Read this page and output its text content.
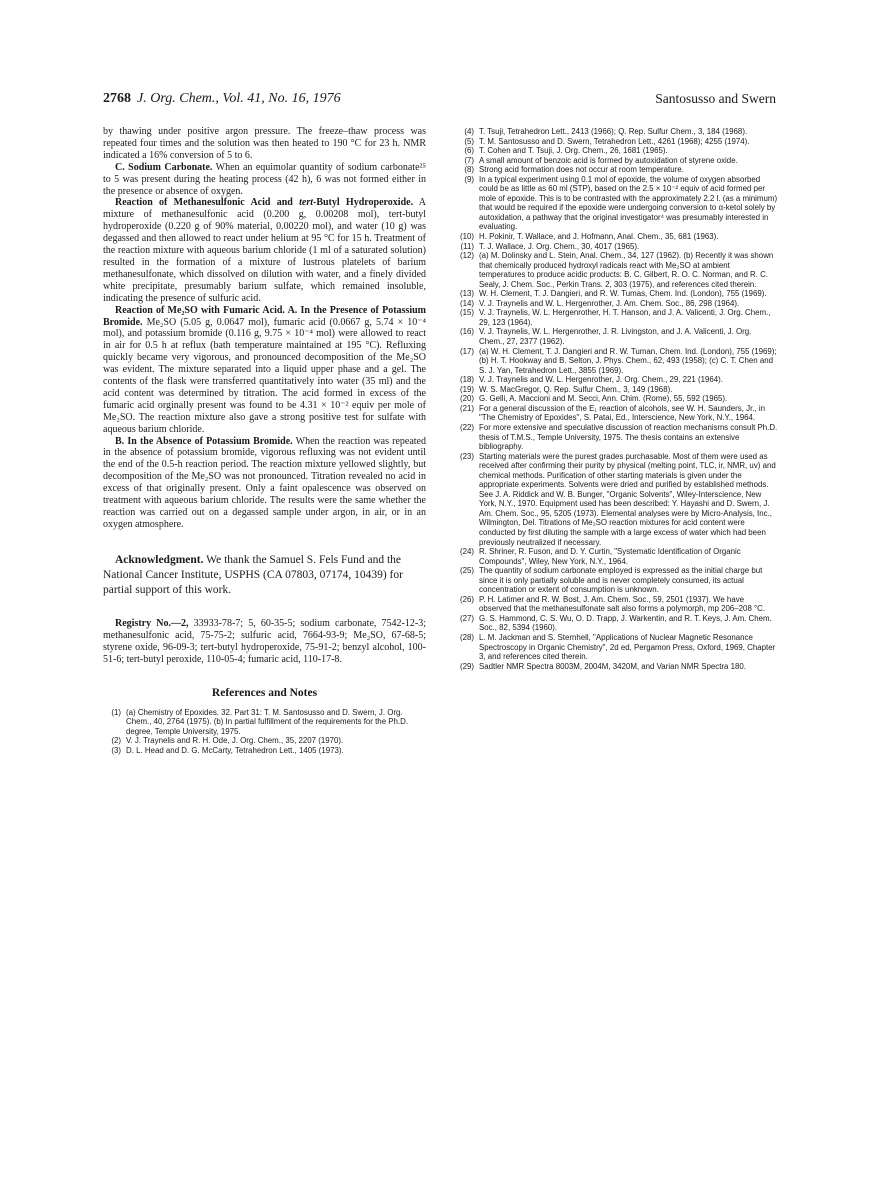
2768 J. Org. Chem., Vol. 41, No. 16, 1976	Santosusso and Swern

by thawing under positive argon pressure. The freeze–thaw process was repeated four times and the solution was then heated to 190 °C for 23 h. NMR indicated a 16% conversion of 5 to 6.

C. Sodium Carbonate. When an equimolar quantity of sodium carbonate²⁵ to 5 was present during the heating process (42 h), 6 was not formed either in the presence or absence of oxygen.

Reaction of Methanesulfonic Acid and tert-Butyl Hydroperoxide. A mixture of methanesulfonic acid (0.200 g, 0.00208 mol), tert-butyl hydroperoxide (0.220 g of 90% material, 0.00220 mol), and water (10 g) was degassed and then allowed to react under helium at 95 °C for 15 h. Treatment of the reaction mixture with aqueous barium chloride (1 ml of a saturated solution) resulted in the formation of a mixture of lustrous platelets of barium methanesulfonate, which dissolved on dilution with water, and a finely divided white precipitate, presumably barium sulfate, which remained insoluble, indicating the presence of sulfuric acid.

Reaction of Me₂SO with Fumaric Acid. A. In the Presence of Potassium Bromide. Me₂SO (5.05 g, 0.0647 mol), fumaric acid (0.0667 g, 5.74 × 10⁻⁴ mol), and potassium bromide (0.116 g, 9.75 × 10⁻⁴ mol) were allowed to react in air for 0.5 h at reflux (bath temperature maintained at 195 °C). Refluxing quickly became very vigorous, and pronounced decomposition of the Me₂SO was evident. The mixture separated into a liquid upper phase and a gel. The contents of the flask were transferred quantitatively into water (35 ml) and the acid content was determined by titration. The acid formed in excess of the fumaric acid orginally present was found to be 4.31 × 10⁻² equiv per mole of Me₂SO. The reaction mixture also gave a strong positive test for sulfate with aqueous barium chloride.

B. In the Absence of Potassium Bromide. When the reaction was repeated in the absence of potassium bromide, vigorous refluxing was not evident until the end of the 0.5-h reaction period. The reaction mixture yellowed slightly, but decomposition of the Me₂SO was not pronounced. Titration revealed no acid in excess of that originally present. Only a faint opalescence was observed on treatment with aqueous barium chloride. The results were the same whether the reaction was carried out on a degassed sample under argon, in air, or in an oxygen atmosphere.

Acknowledgment. We thank the Samuel S. Fels Fund and the National Cancer Institute, USPHS (CA 07803, 07174, 10439) for partial support of this work.

Registry No.—2, 33933-78-7; 5, 60-35-5; sodium carbonate, 7542-12-3; methanesulfonic acid, 75-75-2; sulfuric acid, 7664-93-9; Me₂SO, 67-68-5; styrene oxide, 96-09-3; tert-butyl hydroperoxide, 75-91-2; benzyl alcohol, 100-51-6; tert-butyl peroxide, 110-05-4; fumaric acid, 110-17-8.

References and Notes
(1) (a) Chemistry of Epoxides. 32. Part 31: T. M. Santosusso and D. Swern, J. Org. Chem., 40, 2764 (1975). (b) In partial fulfillment of the requirements for the Ph.D. degree, Temple University, 1975.
(2) V. J. Traynelis and R. H. Ode, J. Org. Chem., 35, 2207 (1970).
(3) D. L. Head and D. G. McCarty, Tetrahedron Lett., 1405 (1973).
(4) T. Tsuji, Tetrahedron Lett., 2413 (1966); Q. Rep. Sulfur Chem., 3, 184 (1968).
(5) T. M. Santosusso and D. Swern, Tetrahedron Lett., 4261 (1968); 4255 (1974).
(6) T. Cohen and T. Tsuji, J. Org. Chem., 26, 1681 (1965).
(7) A small amount of benzoic acid is formed by autoxidation of styrene oxide.
(8) Strong acid formation does not occur at room temperature.
(9) In a typical experiment using 0.1 mol of epoxide, the volume of oxygen absorbed could be as little as 60 ml (STP), based on the 2.5 × 10⁻² equiv of acid formed per mole of epoxide. This is to be contrasted with the approximately 2.2 l. (as a minimum) that would be required if the epoxide were undergoing conversion to α-ketol solely by autoxidation, a pathway that the original investigator⁴ was presumably interested in evaluating.
(10) H. Pokinir, T. Wallace, and J. Hofmann, Anal. Chem., 35, 681 (1963).
(11) T. J. Wallace, J. Org. Chem., 30, 4017 (1965).
(12) (a) M. Dolinsky and L. Stein, Anal. Chem., 34, 127 (1962). (b) Recently it was shown that chemically produced hydroxyl radicals react with Me₂SO at ambient temperatures to produce acidic products: B. C. Gilbert, R. O. C. Norman, and R. C. Sealy, J. Chem. Soc., Perkin Trans. 2, 303 (1975), and references cited therein.
(13) W. H. Clement, T. J. Dangieri, and R. W. Tumas, Chem. Ind. (London), 755 (1969).
(14) V. J. Traynelis and W. L. Hergenrother, J. Am. Chem. Soc., 86, 298 (1964).
(15) V. J. Traynelis, W. L. Hergenrother, H. T. Hanson, and J. A. Valicenti, J. Org. Chem., 29, 123 (1964).
(16) V. J. Traynelis, W. L. Hergenrother, J. R. Livingston, and J. A. Valicenti, J. Org. Chem., 27, 2377 (1962).
(17) (a) W. H. Clement, T. J. Dangieri and R. W. Tuman, Chem. Ind. (London), 755 (1969); (b) H. T. Hookway and B. Selton, J. Phys. Chem., 62, 493 (1958); (c) C. T. Chen and S. J. Yan, Tetrahedron Lett., 3855 (1969).
(18) V. J. Traynelis and W. L. Hergenrother, J. Org. Chem., 29, 221 (1964).
(19) W. S. MacGregor, Q. Rep. Sulfur Chem., 3, 149 (1968).
(20) G. Gelli, A. Maccioni and M. Secci, Ann. Chim. (Rome), 55, 592 (1965).
(21) For a general discussion of the E₁ reaction of alcohols, see W. H. Saunders, Jr., in "The Chemistry of Epoxides", S. Patai, Ed., Interscience, New York, N.Y., 1964.
(22) For more extensive and speculative discussion of reaction mechanisms consult Ph.D. thesis of T.M.S., Temple University, 1975. The thesis contains an extensive bibliography.
(23) Starting materials were the purest grades purchasable. Most of them were used as received after confirming their purity by physical (melting point, TLC, ir, NMR, uv) and chemical methods. Purification of other starting materials is given under the appropriate experiments. Solvents were dried and purified by established methods. See J. A. Riddick and W. B. Bunger, "Organic Solvents", Wiley-Interscience, New York, N.Y., 1970. Equipment used has been described: Y. Hayashi and D. Swern, J. Am. Chem. Soc., 95, 5205 (1973). Elemental analyses were by Micro-Analysis, Inc., Wilmington, Del. Titrations of Me₂SO reaction mixtures for acid content were conducted by first diluting the sample with a large excess of water which had been previously neutralized if necessary.
(24) R. Shriner, R. Fuson, and D. Y. Curtin, "Systematic Identification of Organic Compounds", Wiley, New York, N.Y., 1964.
(25) The quantity of sodium carbonate employed is expressed as the initial charge but since it is only partially soluble and is never completely consumed, its actual concentration or extent of consumption is unknown.
(26) P. H. Latimer and R. W. Bost, J. Am. Chem. Soc., 59, 2501 (1937). We have observed that the methanesulfonate salt also forms a polymorph, mp 206–208 °C.
(27) G. S. Hammond, C. S. Wu, O. D. Trapp, J. Warkentin, and R. T. Keys, J. Am. Chem. Soc., 82, 5394 (1960).
(28) L. M. Jackman and S. Sternhell, "Applications of Nuclear Magnetic Resonance Spectroscopy in Organic Chemistry", 2d ed, Pergamon Press, Oxford, 1969, Chapter 3, and references cited therein.
(29) Sadtler NMR Spectra 8003M, 2004M, 3420M, and Varian NMR Spectra 180.
